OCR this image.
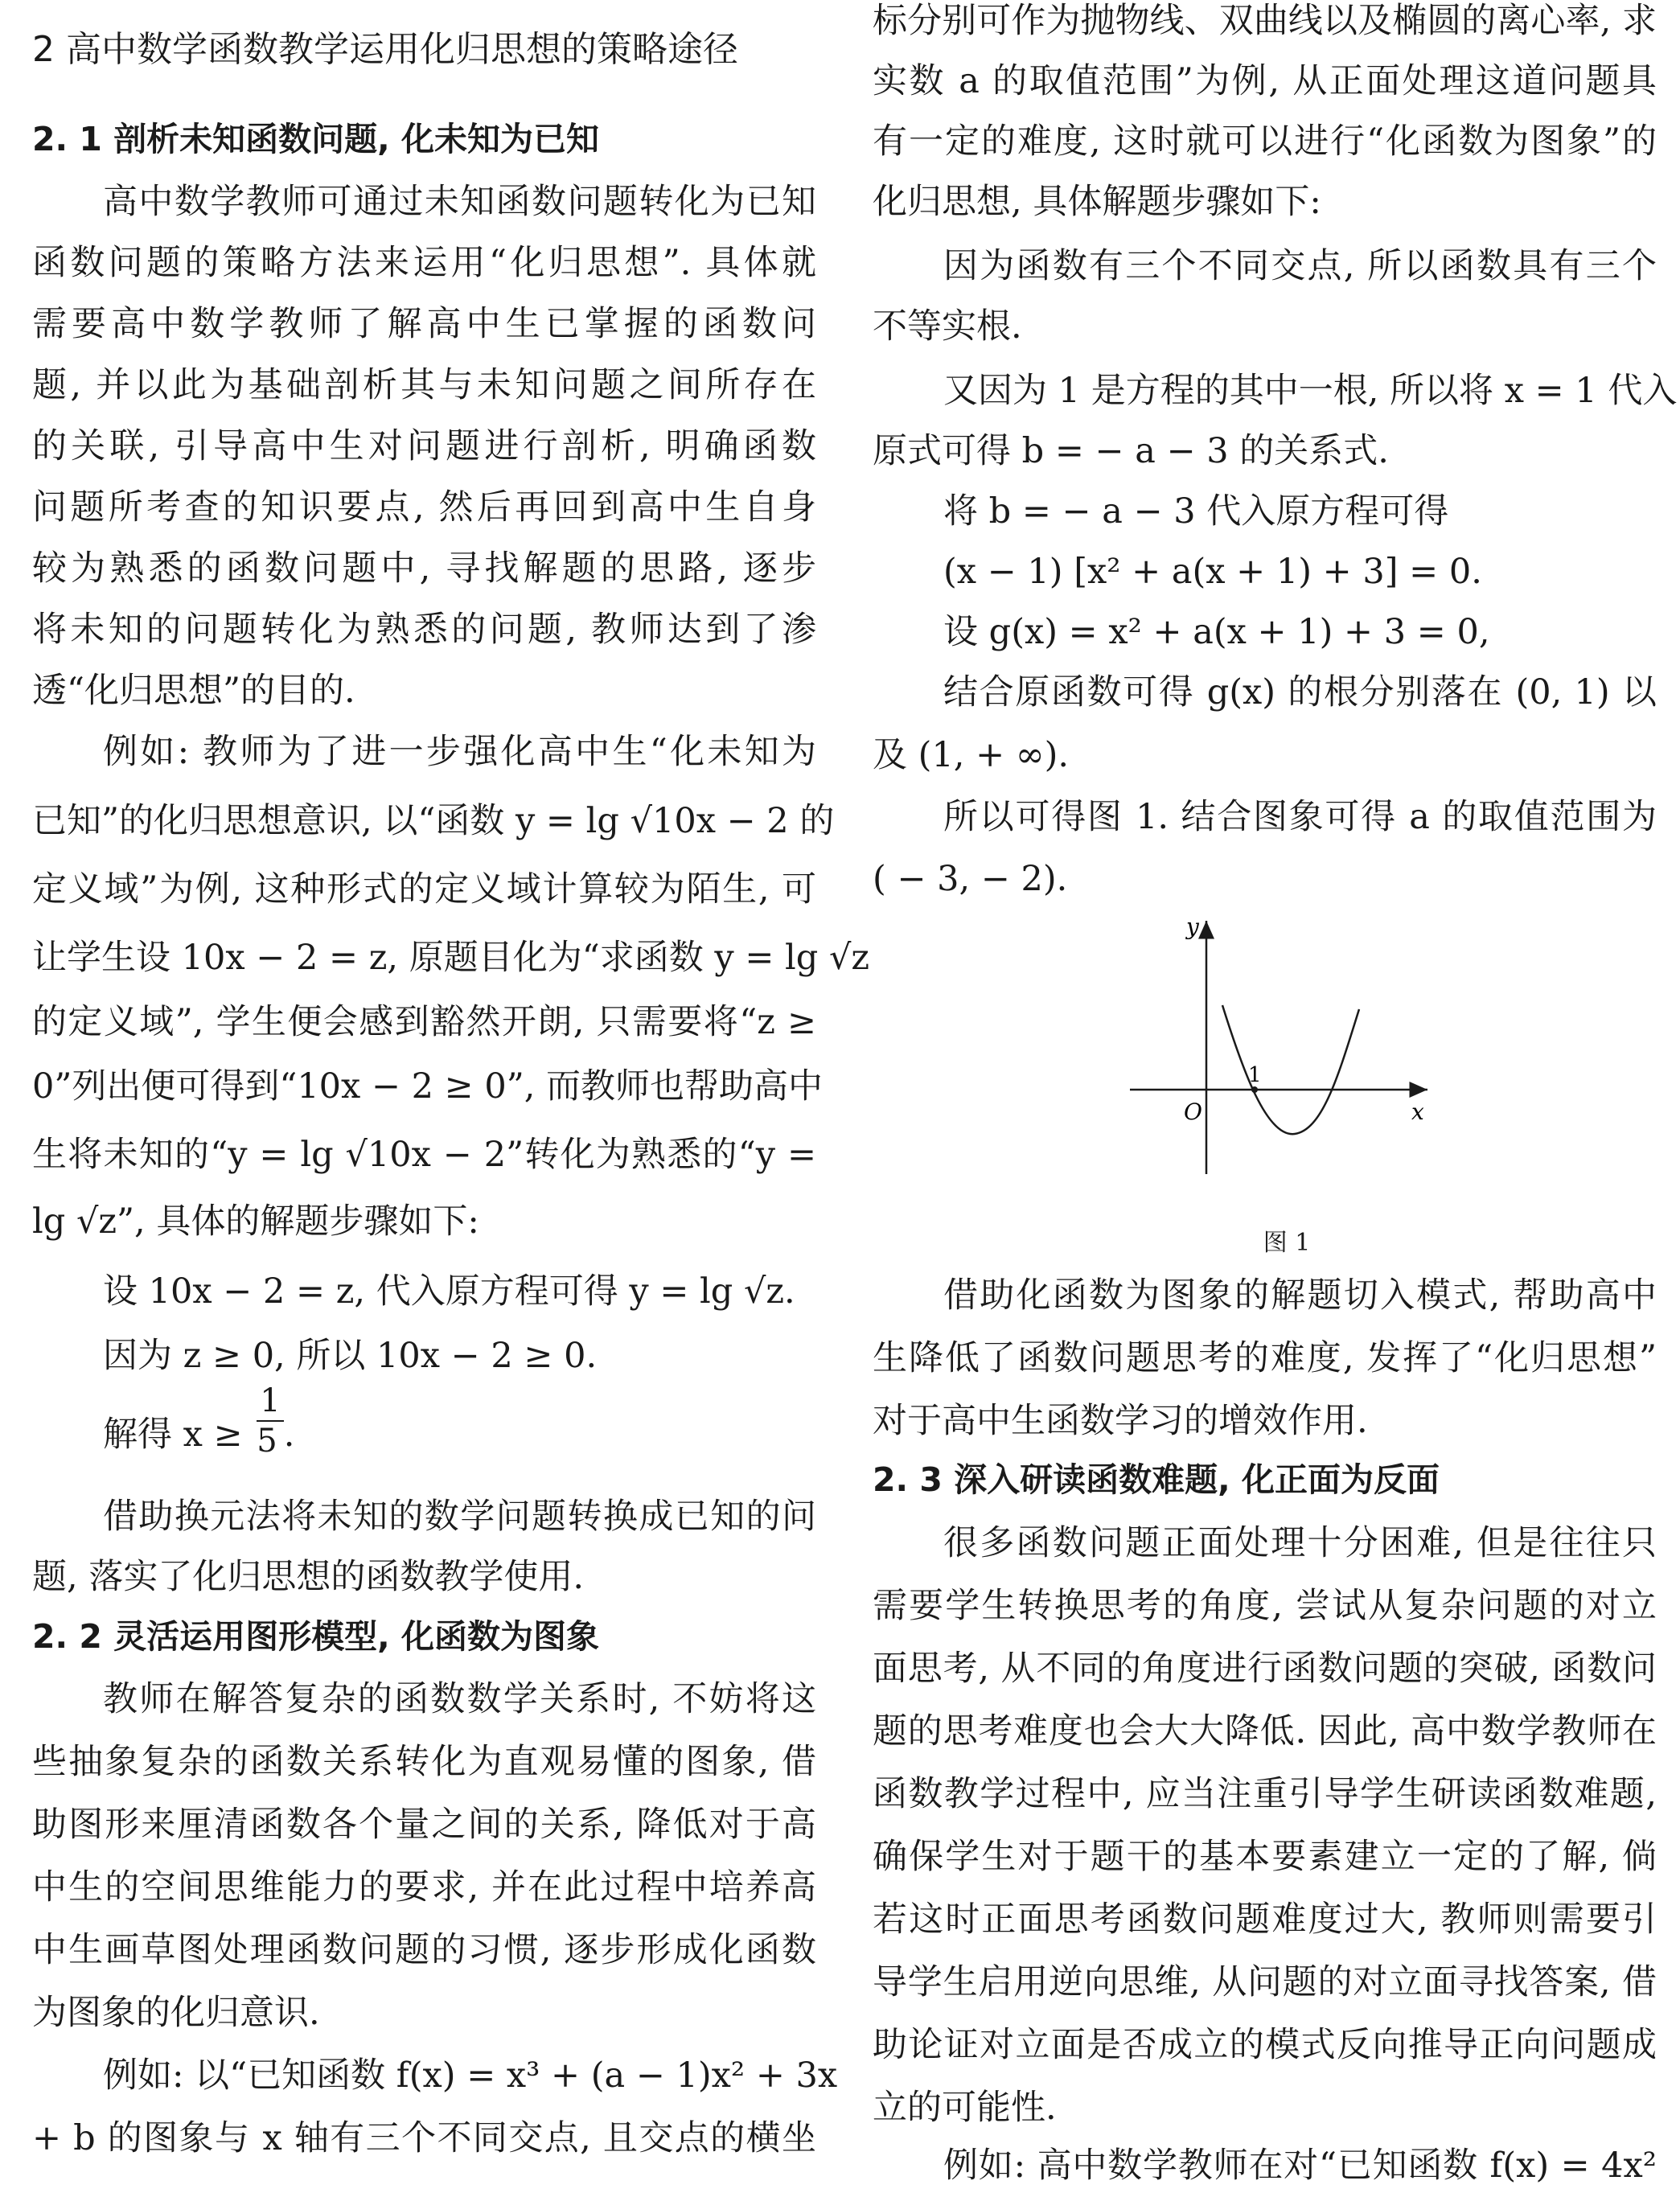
2 高中数学函数教学运用化归思想的策略途径
2. 1 剖析未知函数问题, 化未知为已知
高中数学教师可通过未知函数问题转化为已知
函数问题的策略方法来运用“化归思想”. 具体就
需要高中数学教师了解高中生已掌握的函数问
题, 并以此为基础剖析其与未知问题之间所存在
的关联, 引导高中生对问题进行剖析, 明确函数
问题所考查的知识要点, 然后再回到高中生自身
较为熟悉的函数问题中, 寻找解题的思路, 逐步
将未知的问题转化为熟悉的问题, 教师达到了渗
透“化归思想”的目的.
例如: 教师为了进一步强化高中生“化未知为
已知”的化归思想意识, 以“函数 y = lg √10x − 2 的
定义域”为例, 这种形式的定义域计算较为陌生, 可
让学生设 10x − 2 = z, 原题目化为“求函数 y = lg √z
的定义域”, 学生便会感到豁然开朗, 只需要将“z ≥
0”列出便可得到“10x − 2 ≥ 0”, 而教师也帮助高中
生将未知的“y = lg √10x − 2”转化为熟悉的“y =
lg √z”, 具体的解题步骤如下:
设 10x − 2 = z, 代入原方程可得 y = lg √z.
因为 z ≥ 0, 所以 10x − 2 ≥ 0.
解得 $x \ge \frac{1}{5}$ .
借助换元法将未知的数学问题转换成已知的问
题, 落实了化归思想的函数教学使用.
2. 2 灵活运用图形模型, 化函数为图象
教师在解答复杂的函数数学关系时, 不妨将这
些抽象复杂的函数关系转化为直观易懂的图象, 借
助图形来厘清函数各个量之间的关系, 降低对于高
中生的空间思维能力的要求, 并在此过程中培养高
中生画草图处理函数问题的习惯, 逐步形成化函数
为图象的化归意识.
例如: 以“已知函数 f(x) = x³ + (a − 1)x² + 3x
+ b 的图象与 x 轴有三个不同交点, 且交点的横坐
标分别可作为抛物线、双曲线以及椭圆的离心率, 求
实数 a 的取值范围”为例, 从正面处理这道问题具
有一定的难度, 这时就可以进行“化函数为图象”的
化归思想, 具体解题步骤如下:
因为函数有三个不同交点, 所以函数具有三个
不等实根.
又因为 1 是方程的其中一根, 所以将 x = 1 代入
原式可得 b = − a − 3 的关系式.
将 b = − a − 3 代入原方程可得
(x − 1) [x² + a(x + 1) + 3] = 0.
设 g(x) = x² + a(x + 1) + 3 = 0,
结合原函数可得 g(x) 的根分别落在 (0, 1) 以
及 (1, + ∞).
所以可得图 1. 结合图象可得 a 的取值范围为
( − 3, − 2).
借助化函数为图象的解题切入模式, 帮助高中
生降低了函数问题思考的难度, 发挥了“化归思想”
对于高中生函数学习的增效作用.
2. 3 深入研读函数难题, 化正面为反面
很多函数问题正面处理十分困难, 但是往往只
需要学生转换思考的角度, 尝试从复杂问题的对立
面思考, 从不同的角度进行函数问题的突破, 函数问
题的思考难度也会大大降低. 因此, 高中数学教师在
函数教学过程中, 应当注重引导学生研读函数难题,
确保学生对于题干的基本要素建立一定的了解, 倘
若这时正面思考函数问题难度过大, 教师则需要引
导学生启用逆向思维, 从问题的对立面寻找答案, 借
助论证对立面是否成立的模式反向推导正向问题成
立的可能性.
例如: 高中数学教师在对“已知函数 f(x) = 4x²
y
x
O
1
图 1
